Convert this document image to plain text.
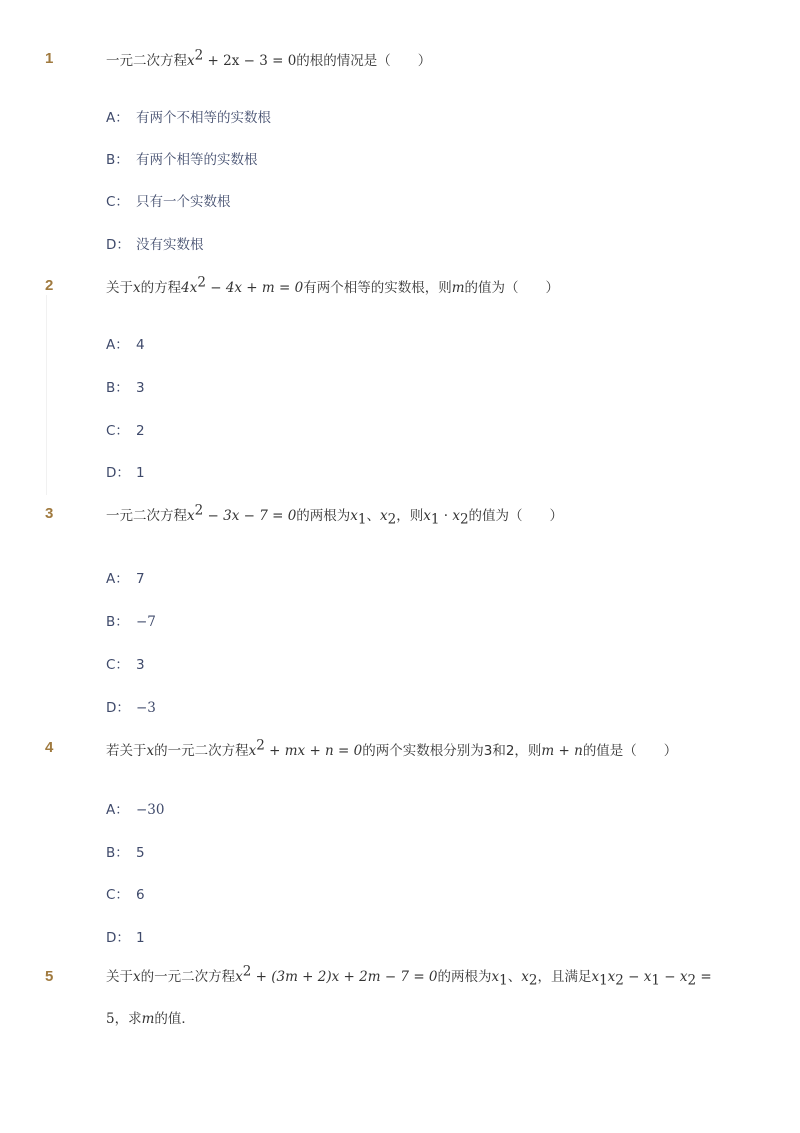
1	一元二次方程$x^2 + 2x - 3 = 0$的根的情况是（　　）
A： 有两个不相等的实数根
B： 有两个相等的实数根
C： 只有一个实数根
D： 没有实数根
2	关于x的方程$4x^2 - 4x + m = 0$有两个相等的实数根，则m的值为（　　）
A： 4
B： 3
C： 2
D： 1
3	一元二次方程$x^2 - 3x - 7 = 0$的两根为$x_1$、$x_2$，则$x_1 \cdot x_2$的值为（　　）
A： 7
B： −7
C： 3
D： −3
4	若关于x的一元二次方程$x^2$ + mx + n = 0的两个实数根分别为3和2，则m + n的值是（　　）
A： −30
B： 5
C： 6
D： 1
5	关于x的一元二次方程$x^2 + (3m + 2)x + 2m - 7 = 0$的两根为$x_1$、$x_2$，且满足$x_1x_2 - x_1 - x_2 = 5$，求m的值．
